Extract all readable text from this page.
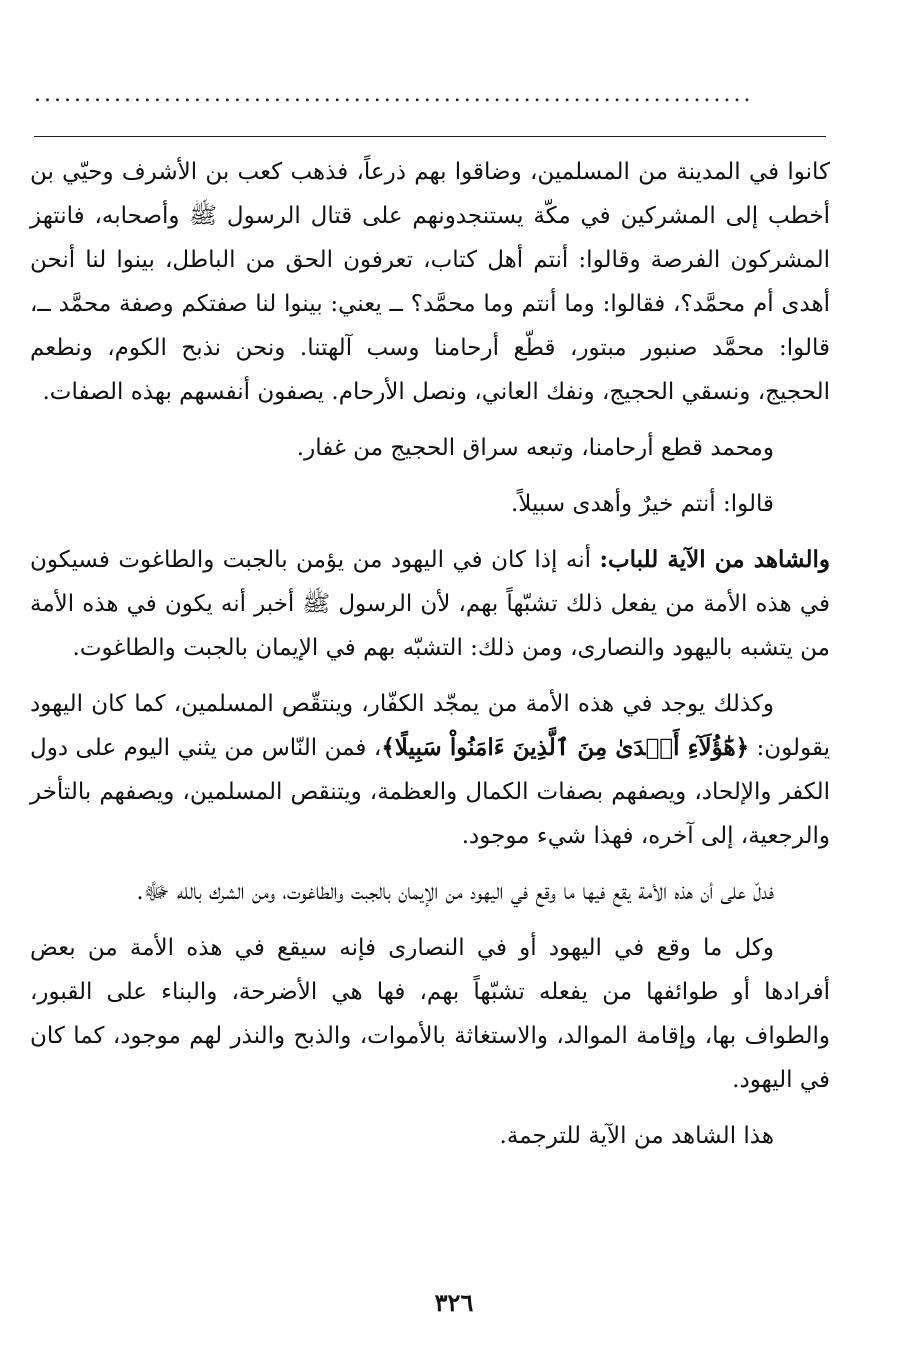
........................................................................

كانوا في المدينة من المسلمين، وضاقوا بهم ذرعاً، فذهب كعب بن الأشرف وحيّي بن أخطب إلى المشركين في مكّة يستنجدونهم على قتال الرسول ﷺ وأصحابه، فانتهز المشركون الفرصة وقالوا: أنتم أهل كتاب، تعرفون الحق من الباطل، بينوا لنا أنحن أهدى أم محمَّد؟، فقالوا: وما أنتم وما محمَّد؟ ــ يعني: بينوا لنا صفتكم وصفة محمَّد ــ، قالوا: محمَّد صنبور مبتور، قطّع أرحامنا وسب آلهتنا. ونحن نذبح الكوم، ونطعم الحجيج، ونسقي الحجيج، ونفك العاني، ونصل الأرحام. يصفون أنفسهم بهذه الصفات.

ومحمد قطع أرحامنا، وتبعه سراق الحجيج من غفار.

قالوا: أنتم خيرٌ وأهدى سبيلاً.

والشاهد من الآية للباب: أنه إذا كان في اليهود من يؤمن بالجبت والطاغوت فسيكون في هذه الأمة من يفعل ذلك تشبّهاً بهم، لأن الرسول ﷺ أخبر أنه يكون في هذه الأمة من يتشبه باليهود والنصارى، ومن ذلك: التشبّه بهم في الإيمان بالجبت والطاغوت.

وكذلك يوجد في هذه الأمة من يمجّد الكفّار، وينتقّص المسلمين، كما كان اليهود يقولون: ﴿هَٰٓؤُلَآءِ أَهۡدَىٰ مِنَ ٱلَّذِينَ ءَامَنُواْ سَبِيلًا﴾، فمن النّاس من يثني اليوم على دول الكفر والإلحاد، ويصفهم بصفات الكمال والعظمة، ويتنقص المسلمين، ويصفهم بالتأخر والرجعية، إلى آخره، فهذا شيء موجود.

فدلّ على أن هذه الأمة يقع فيها ما وقع في اليهود من الإيمان بالجبت والطاغوت، ومن الشرك بالله ﷻ.

وكل ما وقع في اليهود أو في النصارى فإنه سيقع في هذه الأمة من بعض أفرادها أو طوائفها من يفعله تشبّهاً بهم، فها هي الأضرحة، والبناء على القبور، والطواف بها، وإقامة الموالد، والاستغاثة بالأموات، والذبح والنذر لهم موجود، كما كان في اليهود.

هذا الشاهد من الآية للترجمة.

٣٢٦
